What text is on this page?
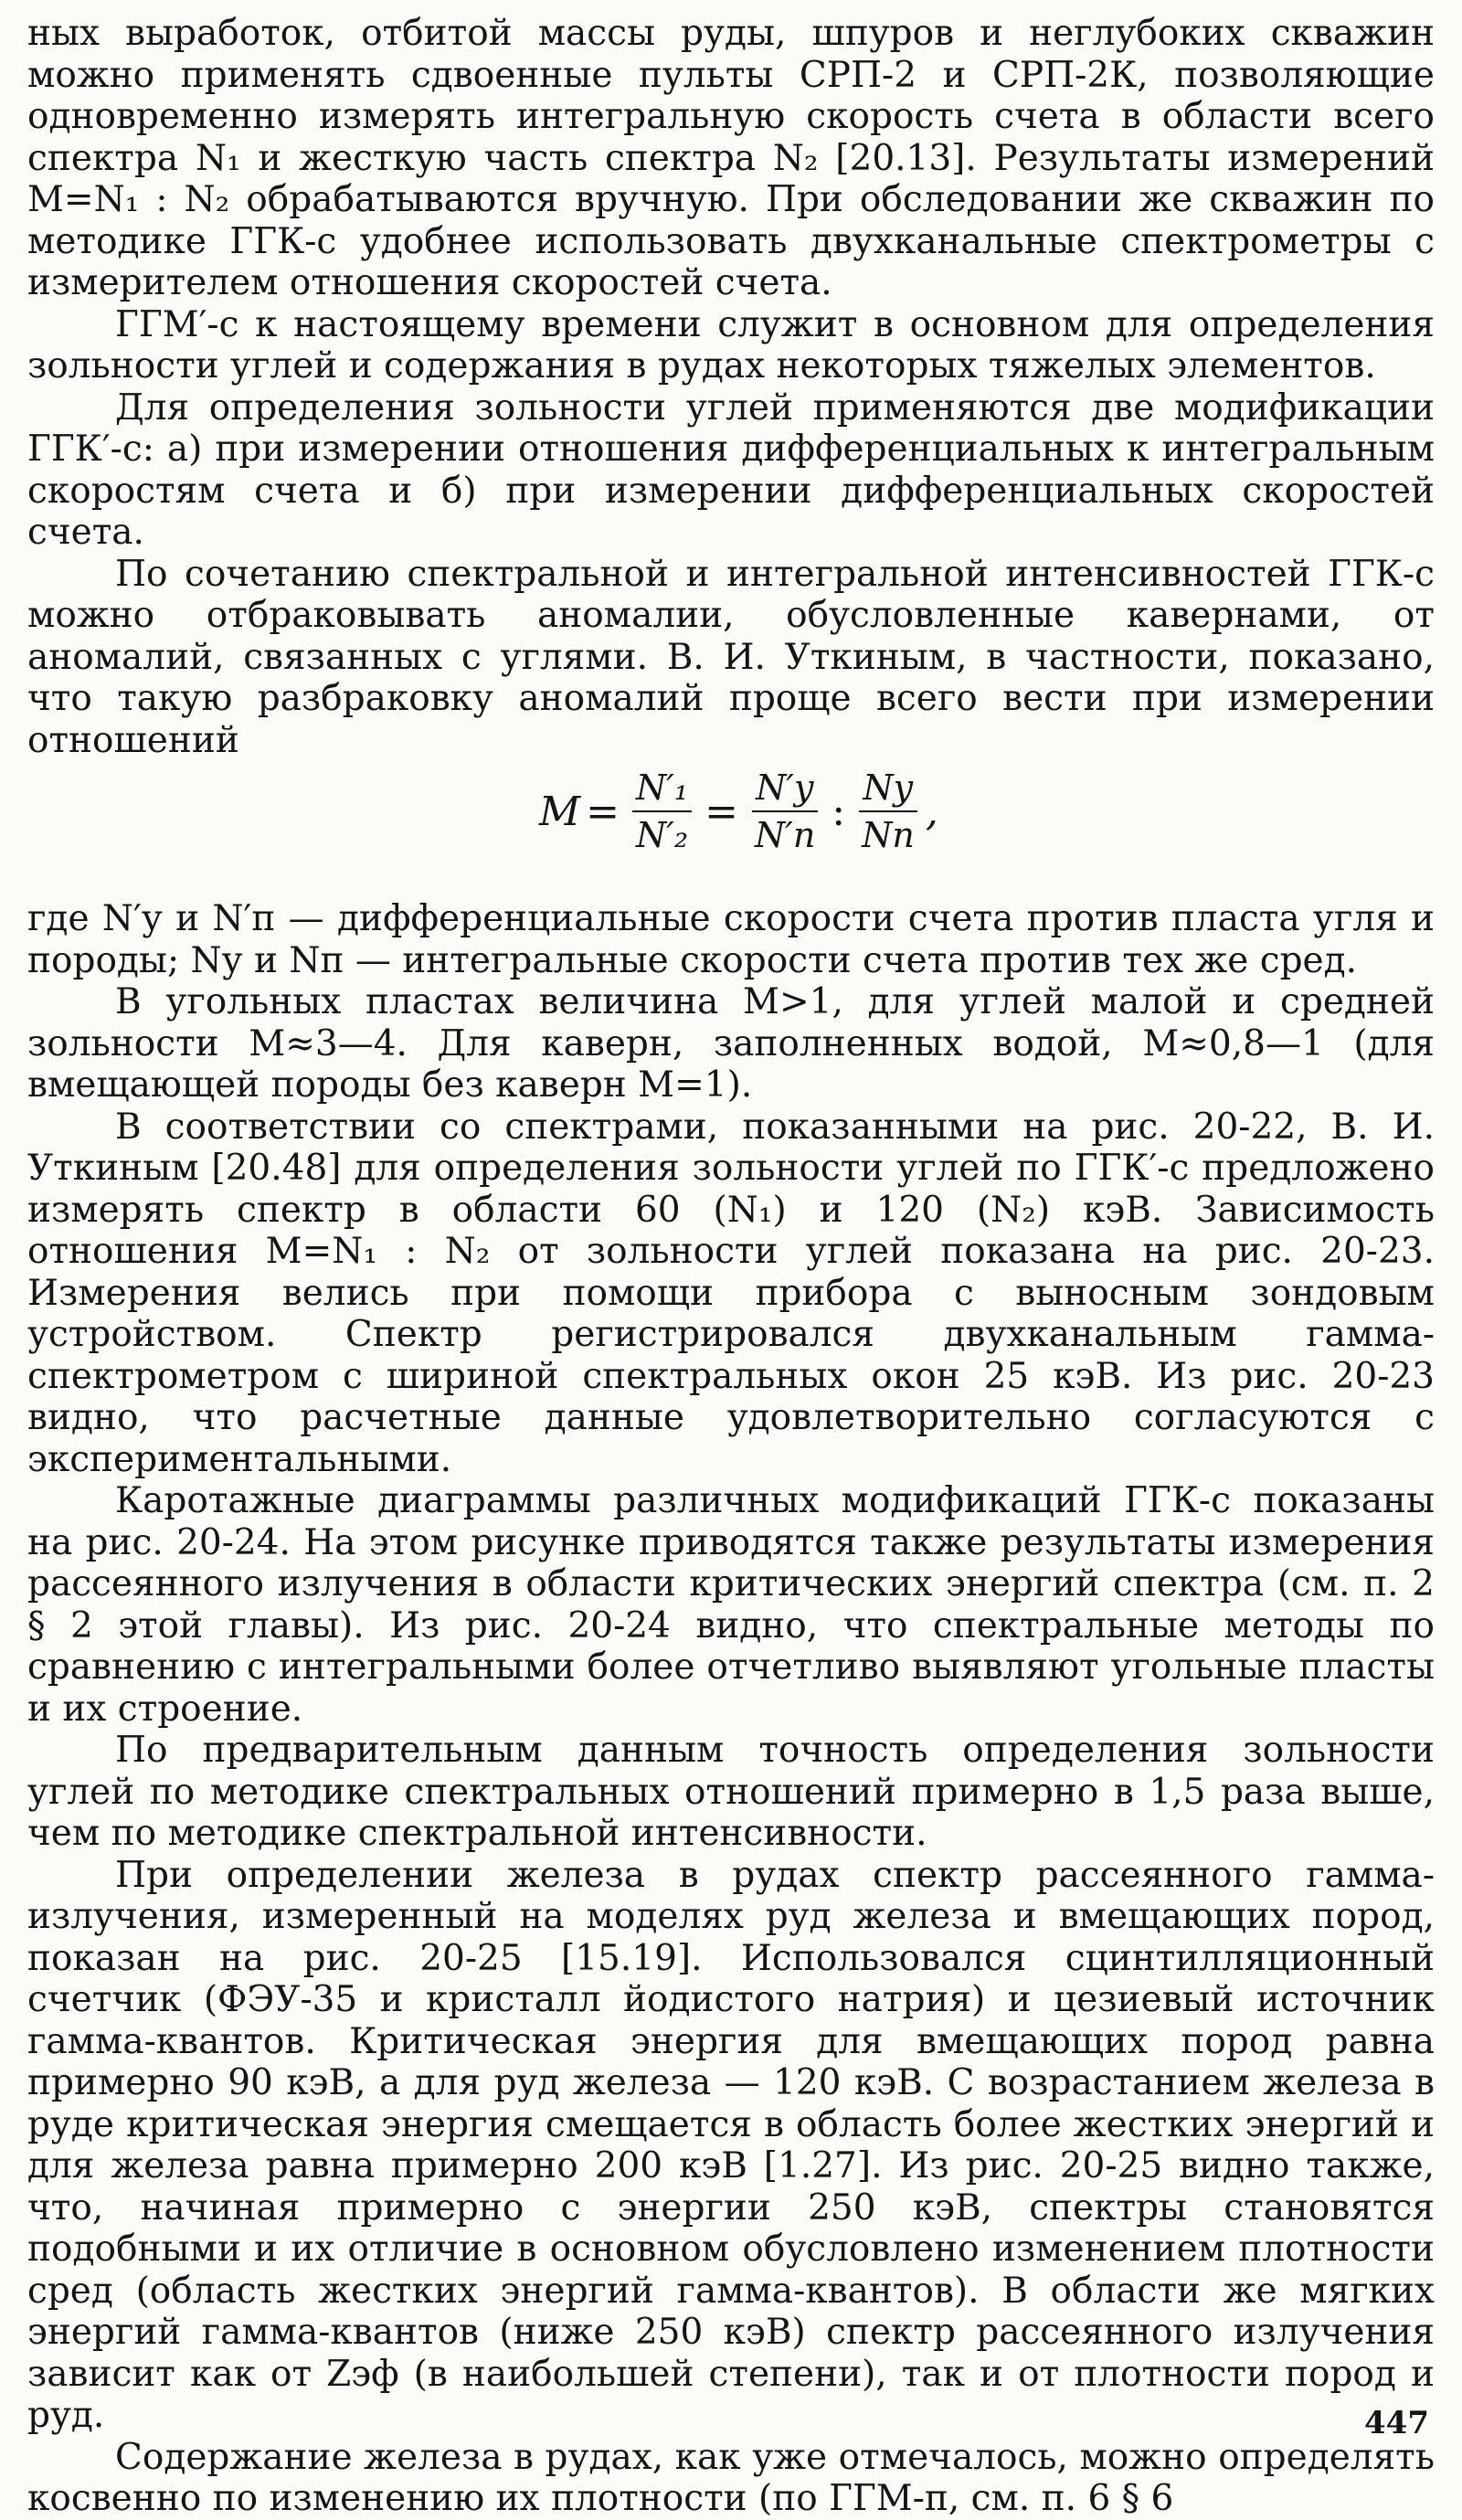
ных выработок, отбитой массы руды, шпуров и неглубоких скважин можно применять сдвоенные пульты СРП-2 и СРП-2К, позволяющие одновременно измерять интегральную скорость счета в области всего спектра N₁ и жесткую часть спектра N₂ [20.13]. Результаты измерений M=N₁ : N₂ обрабатываются вручную. При обследовании же скважин по методике ГГК-с удобнее использовать двухканальные спектрометры с измерителем отношения скоростей счета.

ГГМ′-с к настоящему времени служит в основном для определения зольности углей и содержания в рудах некоторых тяжелых элементов.

Для определения зольности углей применяются две модификации ГГК′-с: а) при измерении отношения дифференциальных к интегральным скоростям счета и б) при измерении дифференциальных скоростей счета.

По сочетанию спектральной и интегральной интенсивностей ГГК-с можно отбраковывать аномалии, обусловленные кавернами, от аномалий, связанных с углями. В. И. Уткиным, в частности, показано, что такую разбраковку аномалий проще всего вести при измерении отношений

$M = \frac{\text{N′₁}}{\text{N′₂}} = \frac{N'у}{N'п}$ : $\frac{Nу}{Nп}$ ,

где N′у и N′п — дифференциальные скорости счета против пласта угля и породы; Nу и Nп — интегральные скорости счета против тех же сред.

В угольных пластах величина M>1, для углей малой и средней зольности M≈3—4. Для каверн, заполненных водой, M≈0,8—1 (для вмещающей породы без каверн M=1).

В соответствии со спектрами, показанными на рис. 20-22, В. И. Уткиным [20.48] для определения зольности углей по ГГК′-с предложено измерять спектр в области 60 (N₁) и 120 (N₂) кэВ. Зависимость отношения M=N₁ : N₂ от зольности углей показана на рис. 20-23. Измерения велись при помощи прибора с выносным зондовым устройством. Спектр регистрировался двухканальным гамма-спектрометром с шириной спектральных окон 25 кэВ. Из рис. 20-23 видно, что расчетные данные удовлетворительно согласуются с экспериментальными.

Каротажные диаграммы различных модификаций ГГК-с показаны на рис. 20-24. На этом рисунке приводятся также результаты измерения рассеянного излучения в области критических энергий спектра (см. п. 2 § 2 этой главы). Из рис. 20-24 видно, что спектральные методы по сравнению с интегральными более отчетливо выявляют угольные пласты и их строение.

По предварительным данным точность определения зольности углей по методике спектральных отношений примерно в 1,5 раза выше, чем по методике спектральной интенсивности.

При определении железа в рудах спектр рассеянного гамма-излучения, измеренный на моделях руд железа и вмещающих пород, показан на рис. 20-25 [15.19]. Использовался сцинтилляционный счетчик (ФЭУ-35 и кристалл йодистого натрия) и цезиевый источник гамма-квантов. Критическая энергия для вмещающих пород равна примерно 90 кэВ, а для руд железа — 120 кэВ. С возрастанием железа в руде критическая энергия смещается в область более жестких энергий и для железа равна примерно 200 кэВ [1.27]. Из рис. 20-25 видно также, что, начиная примерно с энергии 250 кэВ, спектры становятся подобными и их отличие в основном обусловлено изменением плотности сред (область жестких энергий гамма-квантов). В области же мягких энергий гамма-квантов (ниже 250 кэВ) спектр рассеянного излучения зависит как от Zэф (в наибольшей степени), так и от плотности пород и руд.

Содержание железа в рудах, как уже отмечалось, можно определять косвенно по изменению их плотности (по ГГМ-п, см. п. 6 § 6

447
